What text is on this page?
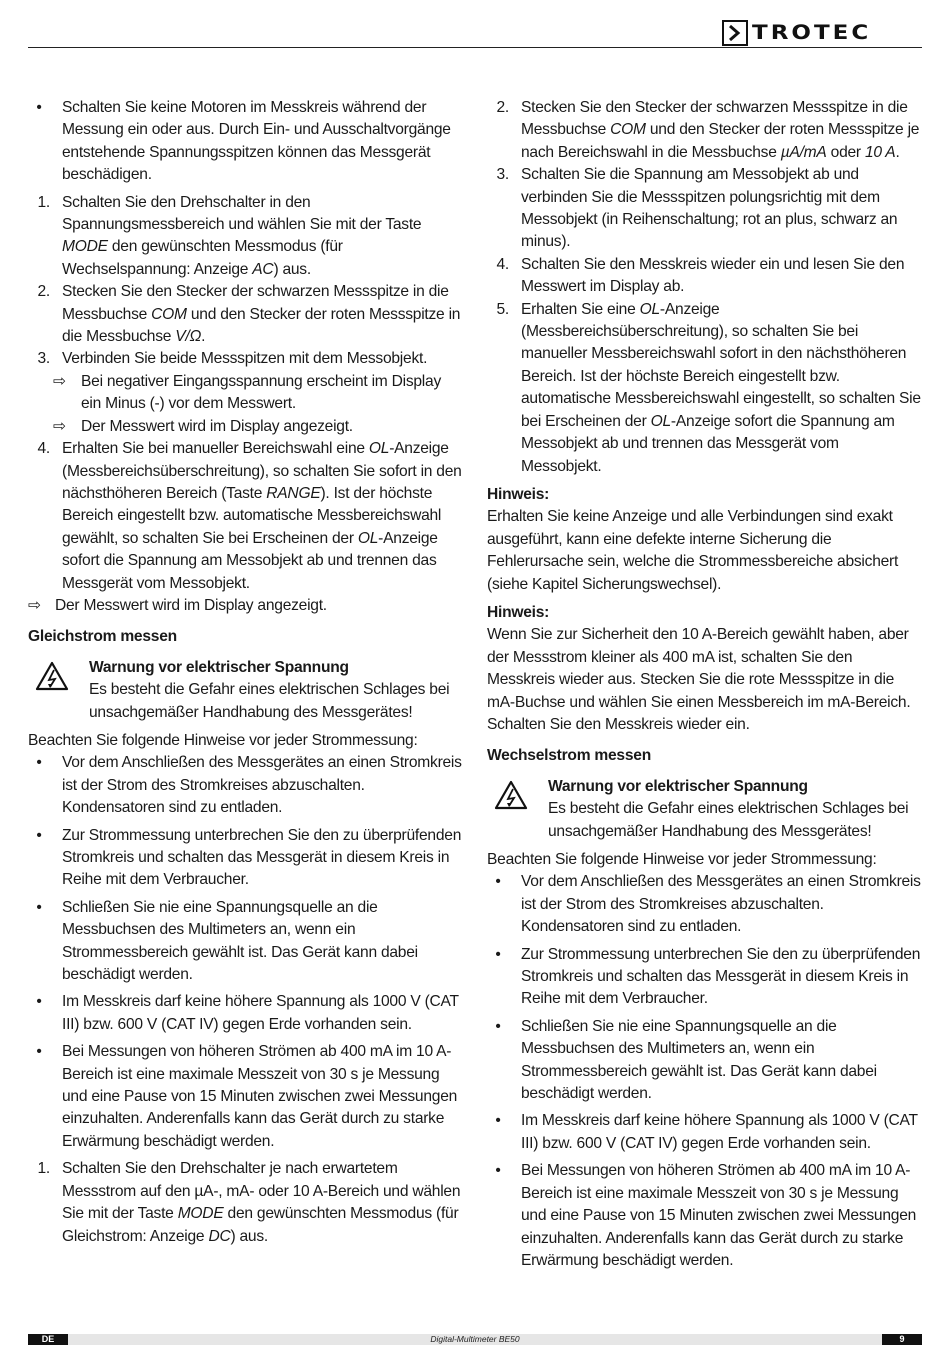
TROTEC
•	Schalten Sie keine Motoren im Messkreis während der Messung ein oder aus. Durch Ein- und Ausschaltvorgänge entstehende Spannungsspitzen können das Messgerät beschädigen.
1. Schalten Sie den Drehschalter in den Spannungsmessbereich und wählen Sie mit der Taste MODE den gewünschten Messmodus (für Wechselspannung: Anzeige AC) aus.
2. Stecken Sie den Stecker der schwarzen Messspitze in die Messbuchse COM und den Stecker der roten Messspitze in die Messbuchse V/Ω.
3. Verbinden Sie beide Messspitzen mit dem Messobjekt.
⇨ Bei negativer Eingangsspannung erscheint im Display ein Minus (-) vor dem Messwert.
⇨ Der Messwert wird im Display angezeigt.
4. Erhalten Sie bei manueller Bereichswahl eine OL-Anzeige (Messbereichsüberschreitung), so schalten Sie sofort in den nächsthöheren Bereich (Taste RANGE). Ist der höchste Bereich eingestellt bzw. automatische Messbereichswahl gewählt, so schalten Sie bei Erscheinen der OL-Anzeige sofort die Spannung am Messobjekt ab und trennen das Messgerät vom Messobjekt.
⇨ Der Messwert wird im Display angezeigt.
Gleichstrom messen
Warnung vor elektrischer Spannung
Es besteht die Gefahr eines elektrischen Schlages bei unsachgemäßer Handhabung des Messgerätes!
Beachten Sie folgende Hinweise vor jeder Strommessung:
•	Vor dem Anschließen des Messgerätes an einen Stromkreis ist der Strom des Stromkreises abzuschalten. Kondensatoren sind zu entladen.
•	Zur Strommessung unterbrechen Sie den zu überprüfenden Stromkreis und schalten das Messgerät in diesem Kreis in Reihe mit dem Verbraucher.
•	Schließen Sie nie eine Spannungsquelle an die Messbuchsen des Multimeters an, wenn ein Strommessbereich gewählt ist. Das Gerät kann dabei beschädigt werden.
•	Im Messkreis darf keine höhere Spannung als 1000 V (CAT III) bzw. 600 V (CAT IV) gegen Erde vorhanden sein.
•	Bei Messungen von höheren Strömen ab 400 mA im 10 A-Bereich ist eine maximale Messzeit von 30 s je Messung und eine Pause von 15 Minuten zwischen zwei Messungen einzuhalten. Anderenfalls kann das Gerät durch zu starke Erwärmung beschädigt werden.
1. Schalten Sie den Drehschalter je nach erwartetem Messstrom auf den µA-, mA- oder 10 A-Bereich und wählen Sie mit der Taste MODE den gewünschten Messmodus (für Gleichstrom: Anzeige DC) aus.
2. Stecken Sie den Stecker der schwarzen Messspitze in die Messbuchse COM und den Stecker der roten Messspitze je nach Bereichswahl in die Messbuchse µA/mA oder 10 A.
3. Schalten Sie die Spannung am Messobjekt ab und verbinden Sie die Messspitzen polungsrichtig mit dem Messobjekt (in Reihenschaltung; rot an plus, schwarz an minus).
4. Schalten Sie den Messkreis wieder ein und lesen Sie den Messwert im Display ab.
5. Erhalten Sie eine OL-Anzeige (Messbereichsüberschreitung), so schalten Sie bei manueller Messbereichswahl sofort in den nächsthöheren Bereich. Ist der höchste Bereich eingestellt bzw. automatische Messbereichswahl eingestellt, so schalten Sie bei Erscheinen der OL-Anzeige sofort die Spannung am Messobjekt ab und trennen das Messgerät vom Messobjekt.
Hinweis:
Erhalten Sie keine Anzeige und alle Verbindungen sind exakt ausgeführt, kann eine defekte interne Sicherung die Fehlerursache sein, welche die Strommessbereiche absichert (siehe Kapitel Sicherungswechsel).
Hinweis:
Wenn Sie zur Sicherheit den 10 A-Bereich gewählt haben, aber der Messstrom kleiner als 400 mA ist, schalten Sie den Messkreis wieder aus. Stecken Sie die rote Messspitze in die mA-Buchse und wählen Sie einen Messbereich im mA-Bereich. Schalten Sie den Messkreis wieder ein.
Wechselstrom messen
Warnung vor elektrischer Spannung
Es besteht die Gefahr eines elektrischen Schlages bei unsachgemäßer Handhabung des Messgerätes!
Beachten Sie folgende Hinweise vor jeder Strommessung:
•	Vor dem Anschließen des Messgerätes an einen Stromkreis ist der Strom des Stromkreises abzuschalten. Kondensatoren sind zu entladen.
•	Zur Strommessung unterbrechen Sie den zu überprüfenden Stromkreis und schalten das Messgerät in diesem Kreis in Reihe mit dem Verbraucher.
•	Schließen Sie nie eine Spannungsquelle an die Messbuchsen des Multimeters an, wenn ein Strommessbereich gewählt ist. Das Gerät kann dabei beschädigt werden.
•	Im Messkreis darf keine höhere Spannung als 1000 V (CAT III) bzw. 600 V (CAT IV) gegen Erde vorhanden sein.
•	Bei Messungen von höheren Strömen ab 400 mA im 10 A-Bereich ist eine maximale Messzeit von 30 s je Messung und eine Pause von 15 Minuten zwischen zwei Messungen einzuhalten. Anderenfalls kann das Gerät durch zu starke Erwärmung beschädigt werden.
Digital-Multimeter BE50
DE	9
